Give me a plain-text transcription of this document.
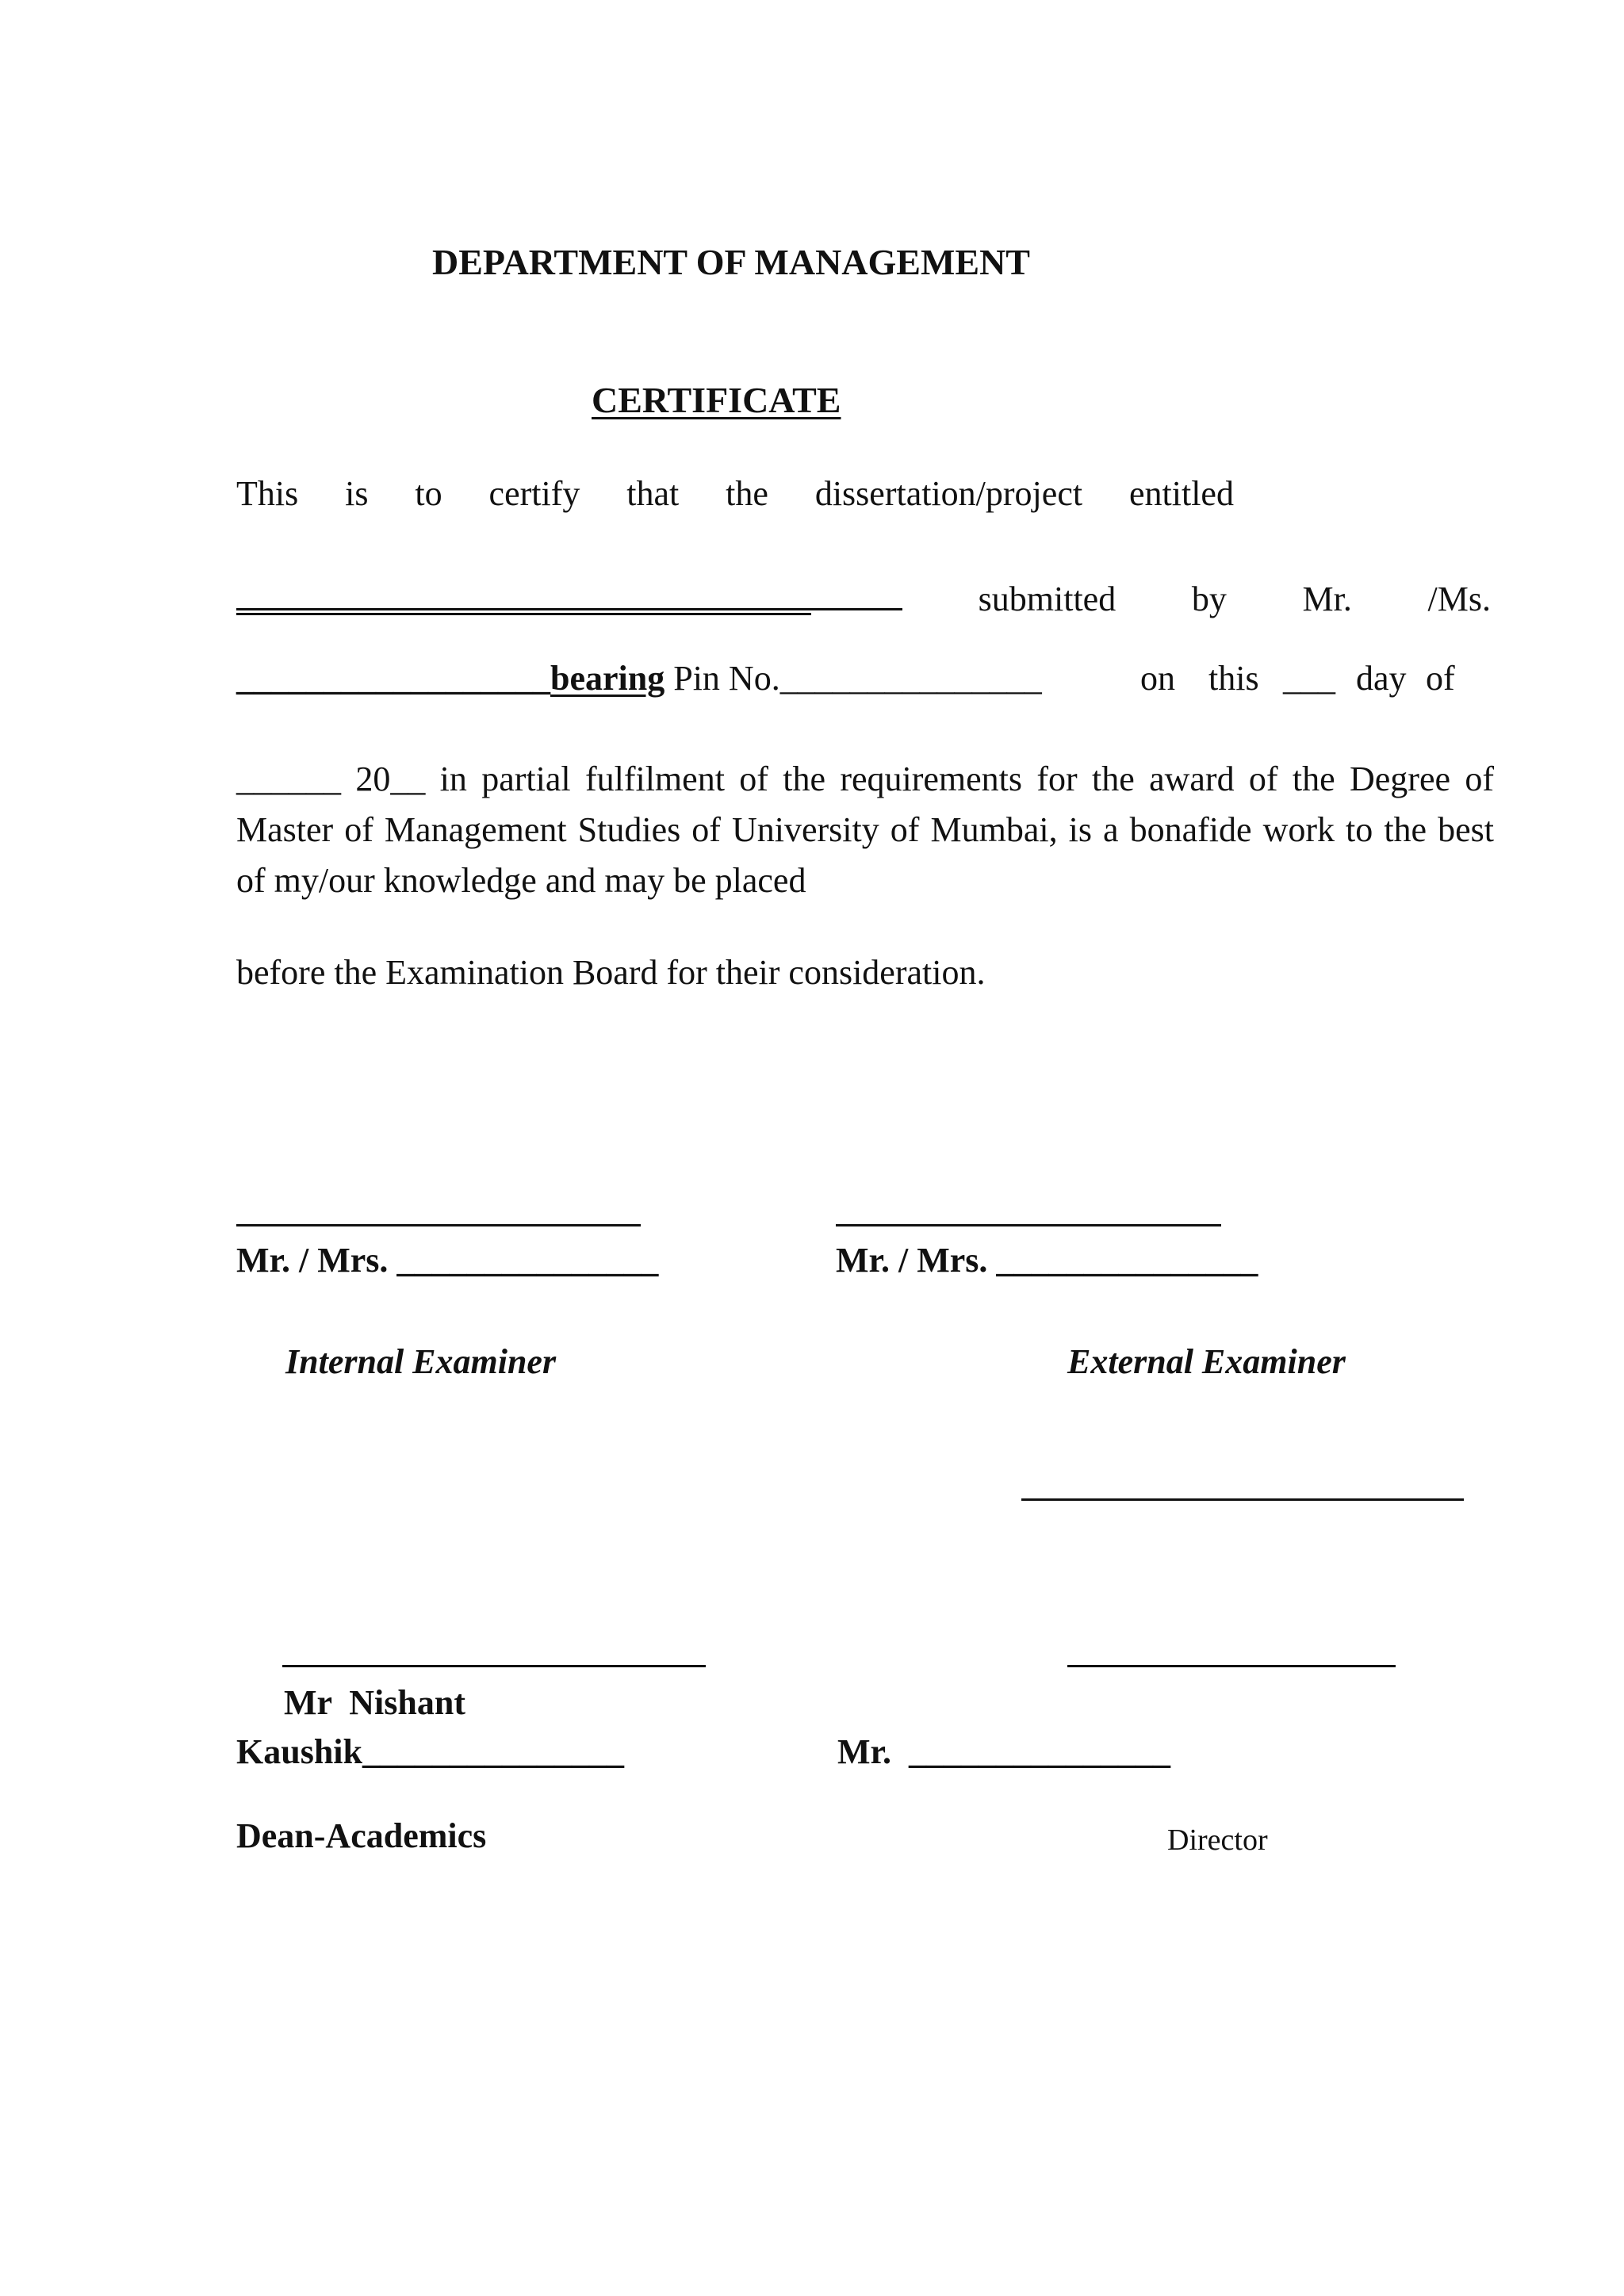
DEPARTMENT OF MANAGEMENT
CERTIFICATE
This is to certify that the dissertation/project entitled
submitted by Mr. /Ms.
__________________bearing Pin No._______________	on this ___ day of
______ 20__ in partial fulfilment of the requirements for the award of the Degree of Master of Management Studies of University of Mumbai, is a bonafide work to the best of my/our knowledge and may be placed
before the Examination Board for their consideration.
Mr. / Mrs. _______________	Mr. / Mrs. _______________
Internal Examiner	External Examiner
Mr  Nishant
Kaushik_______________	Mr.  _______________
Dean-Academics	Director
